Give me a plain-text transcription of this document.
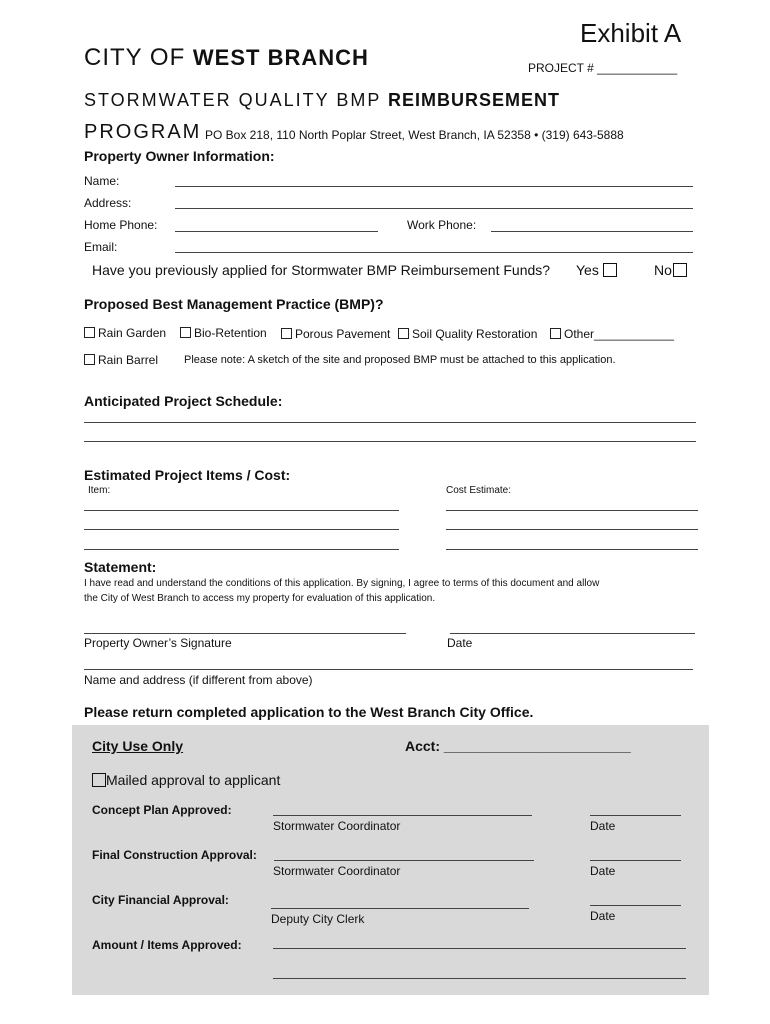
Exhibit A
CITY OF WEST BRANCH	PROJECT # ____________
STORMWATER QUALITY BMP REIMBURSEMENT
PROGRAM PO Box 218, 110 North Poplar Street, West Branch, IA 52358 • (319) 643-5888
Property Owner Information:
Name:
Address:
Home Phone:	Work Phone:
Email:
Have you previously applied for Stormwater BMP Reimbursement Funds? Yes	No
Proposed Best Management Practice (BMP)?
Rain Garden	Bio-Retention	Porous Pavement	Soil Quality Restoration	Other____________
Rain Barrel Please note: A sketch of the site and proposed BMP must be attached to this application.
Anticipated Project Schedule:
Estimated Project Items / Cost:
Item:	Cost Estimate:
Statement:
I have read and understand the conditions of this application. By signing, I agree to terms of this document and allow
the City of West Branch to access my property for evaluation of this application.
Property Owner’s Signature	Date
Name and address (if different from above)
Please return completed application to the West Branch City Office.
City Use Only	Acct: ________________________
Mailed approval to applicant
Concept Plan Approved:
Stormwater Coordinator	Date
Final Construction Approval:
Stormwater Coordinator	Date
City Financial Approval:
Deputy City Clerk	Date
Amount / Items Approved:
